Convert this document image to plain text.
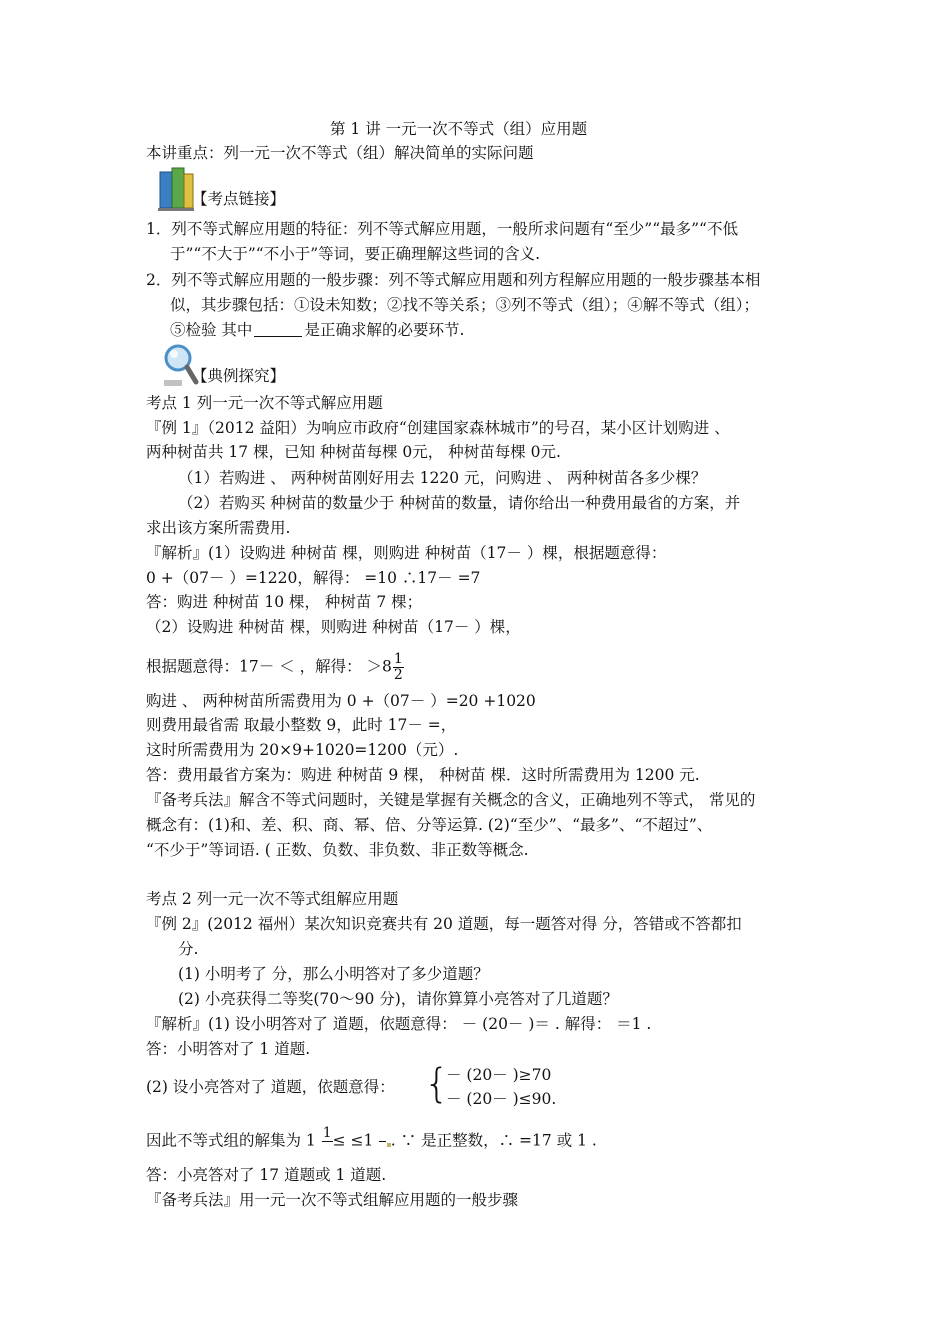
第 1 讲 一元一次不等式（组）应用题
本讲重点：列一元一次不等式（组）解决简单的实际问题
【考点链接】
1．列不等式解应用题的特征：列不等式解应用题，一般所求问题有“至少”“最多”“不低
于”“不大于”“不小于”等词，要正确理解这些词的含义.
2．列不等式解应用题的一般步骤：列不等式解应用题和列方程解应用题的一般步骤基本相
似，其步骤包括：①设未知数；②找不等关系；③列不等式（组）；④解不等式（组）；
⑤检验 其中	是正确求解的必要环节.
【典例探究】
考点 1 列一元一次不等式解应用题
『例 1』（2012 益阳）为响应市政府“创建国家森林城市”的号召，某小区计划购进 、
两种树苗共 17 棵，已知 种树苗每棵 0元， 种树苗每棵 0元.
（1）若购进 、 两种树苗刚好用去 1220 元，问购进 、 两种树苗各多少棵？
（2）若购买 种树苗的数量少于 种树苗的数量，请你给出一种费用最省的方案，并
求出该方案所需费用.
『解析』(1）设购进 种树苗 棵，则购进 种树苗（17－ ）棵，根据题意得：
0 +（07－ ）=1220，解得： =10 ∴17－ =7
答：购进 种树苗 10 棵， 种树苗 7 棵；
（2）设购进 种树苗 棵，则购进 种树苗（17－ ）棵，
根据题意得：17－ ＜ ，解得： $>8 \frac{1}{2}$
购进 、 两种树苗所需费用为 0 +（07－ ）=20 +1020
则费用最省需 取最小整数 9，此时 17－ =，
这时所需费用为 20×9+1020=1200（元）.
答：费用最省方案为：购进 种树苗 9 棵， 种树苗 棵．这时所需费用为 1200 元.
『备考兵法』解含不等式问题时，关键是掌握有关概念的含义，正确地列不等式， 常见的
概念有：(1)和、差、积、商、幂、倍、分等运算. (2)“至少”、“最多”、“不超过”、
“不少于”等词语. ( 正数、负数、非负数、非正数等概念.
考点 2 列一元一次不等式组解应用题
『例 2』(2012 福州）某次知识竞赛共有 20 道题，每一题答对得 分，答错或不答都扣
分.
(1) 小明考了 分，那么小明答对了多少道题？
(2) 小亮获得二等奖(70～90 分)，请你算算小亮答对了几道题？
『解析』(1) 设小明答对了 道题，依题意得： － (20－ )＝ . 解得： ＝1 .
答：小明答对了 1 道题.
(2) 设小亮答对了 道题，依题意得： {
－ (20－ )≥70
－ (20－ )≤90.
因此不等式组的解集为 1 1
≤ ≤1

. ∵ 是正整数，∴ =17 或 1 .
答：小亮答对了 17 道题或 1 道题.
『备考兵法』用一元一次不等式组解应用题的一般步骤
